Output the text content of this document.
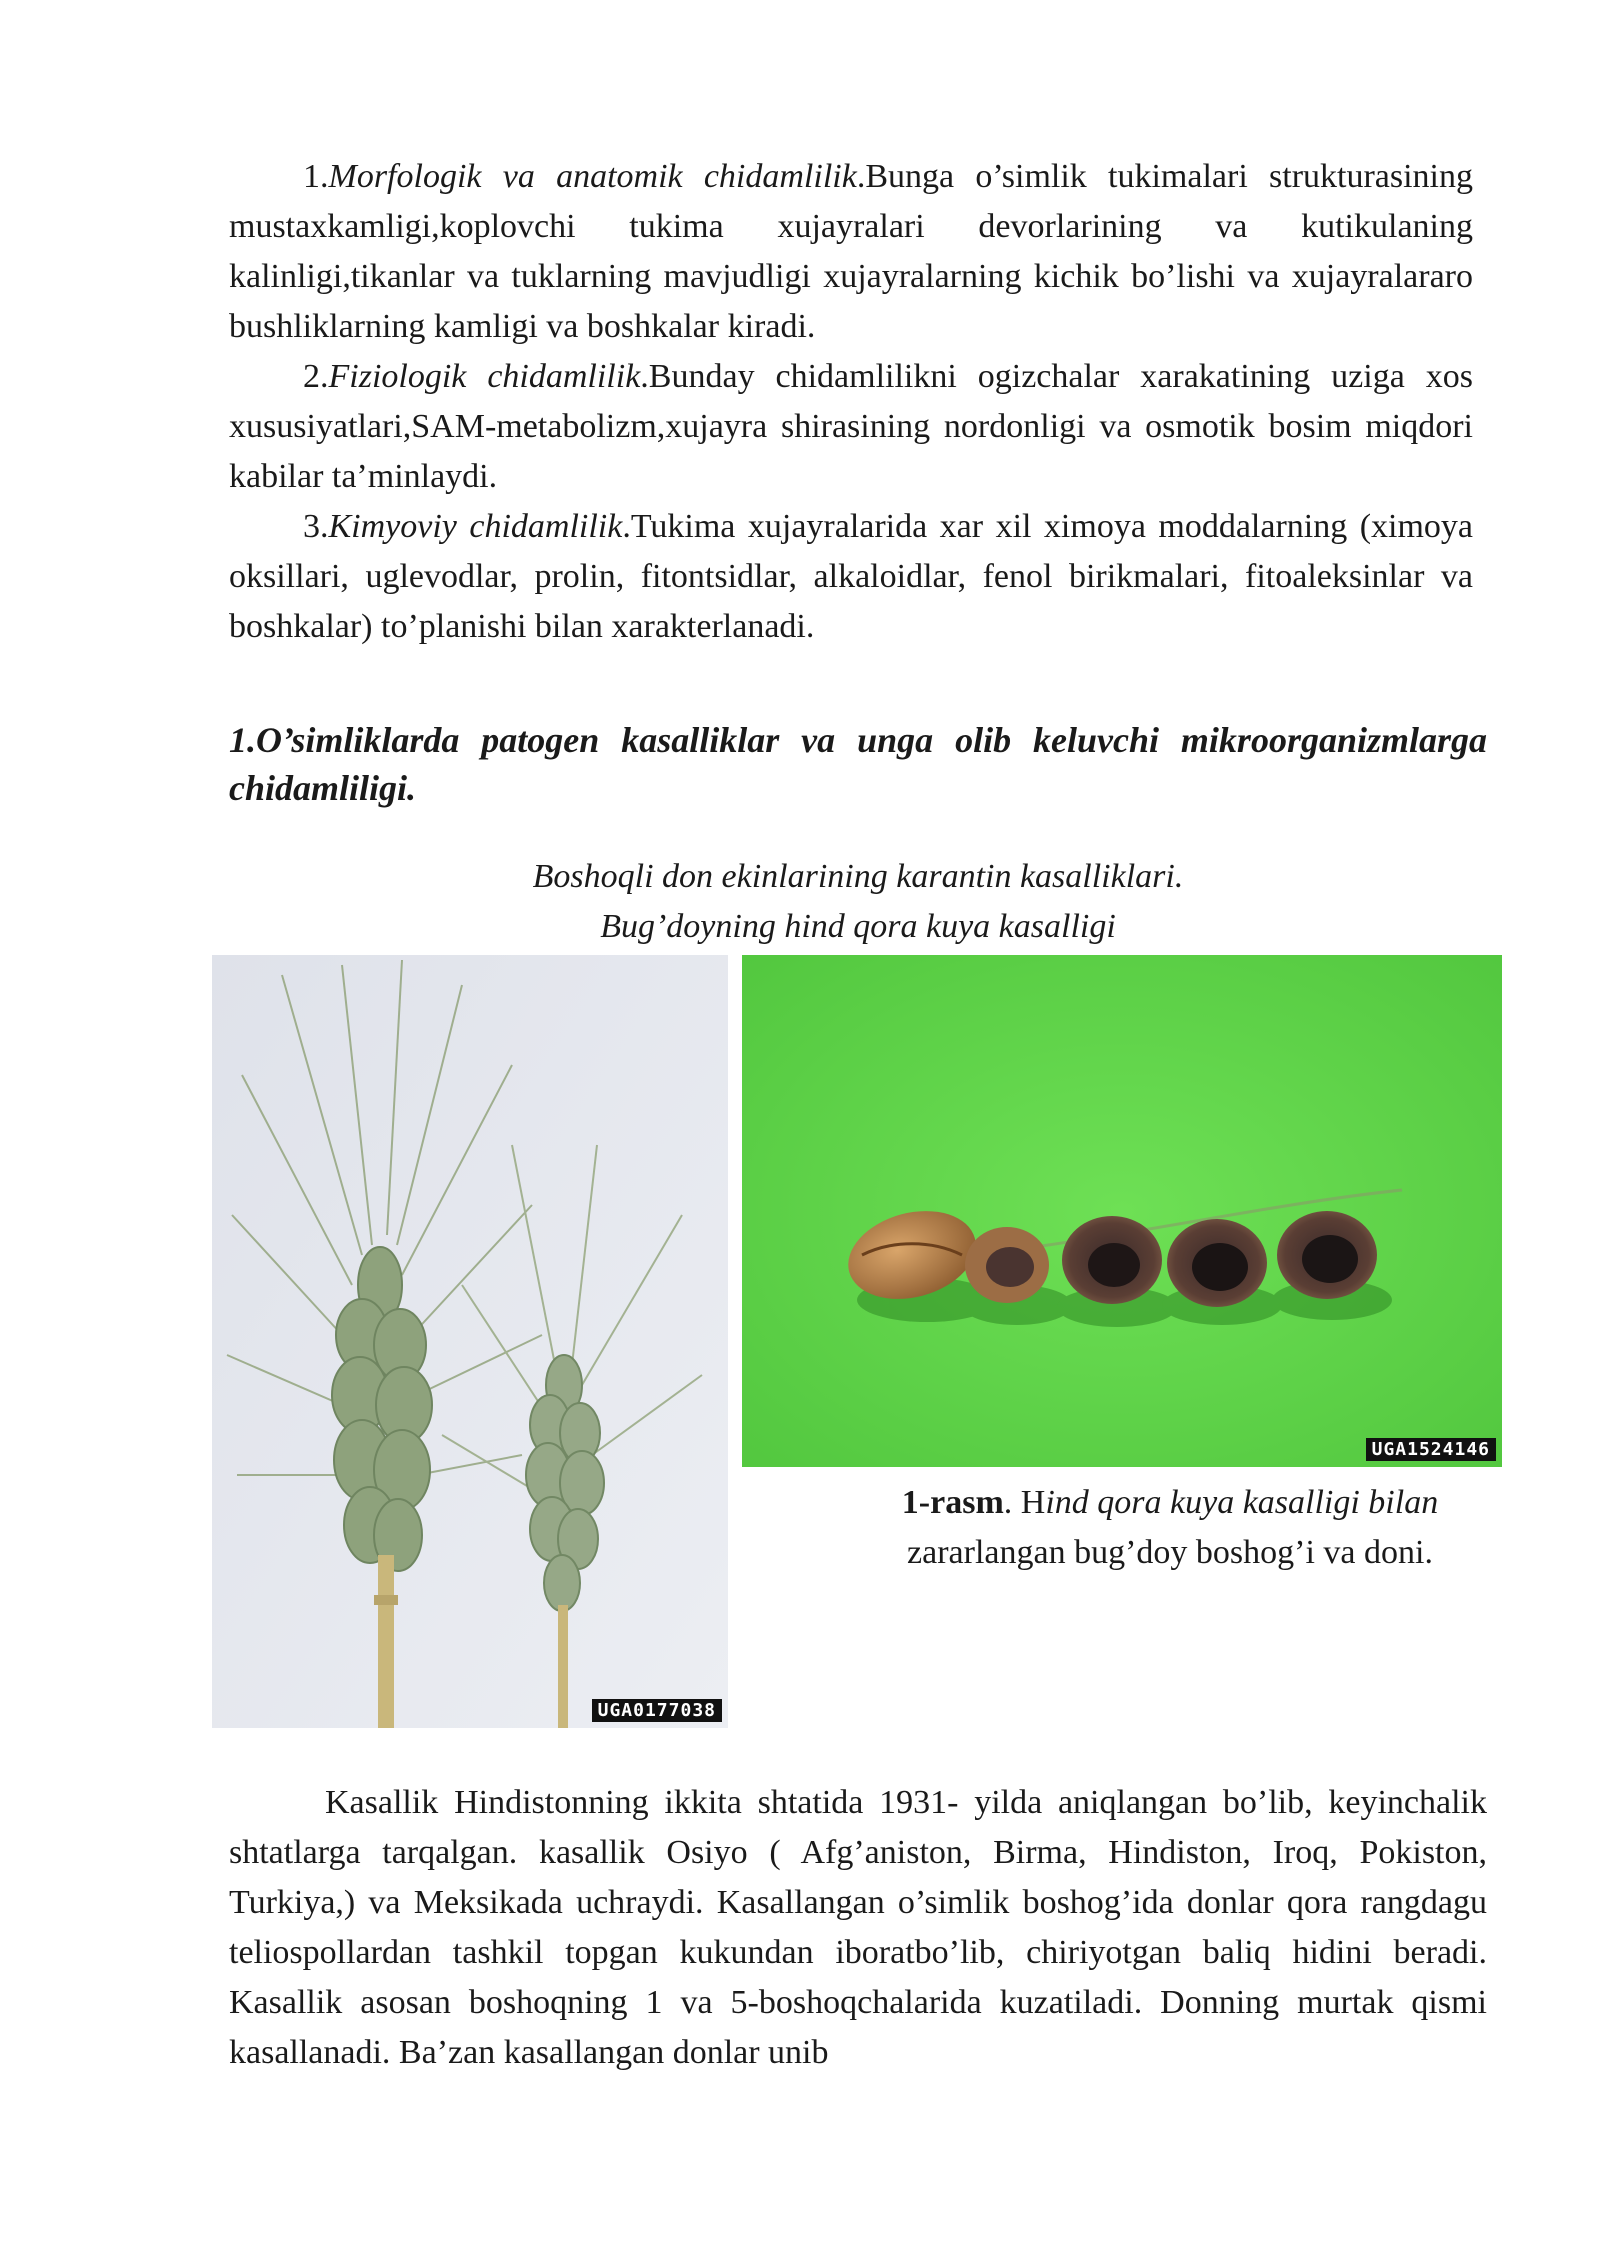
1.Morfologik va anatomik chidamlilik.Bunga o’simlik tukimalari strukturasining mustaxkamligi,koplovchi tukima xujayralari devorlarining va kutikulaning kalinligi,tikanlar va tuklarning mavjudligi xujayralarning kichik bo’lishi va xujayralararo bushliklarning kamligi va boshkalar kiradi.

2.Fiziologik chidamlilik.Bunday chidamlilikni ogizchalar xarakatining uziga xos xususiyatlari,SAM-metabolizm,xujayra shirasining nordonligi va osmotik bosim miqdori kabilar ta’minlaydi.

3.Kimyoviy chidamlilik.Tukima xujayralarida xar xil ximoya moddalarning (ximoya oksillari, uglevodlar, prolin, fitontsidlar, alkaloidlar, fenol birikmalari, fitoaleksinlar va boshkalar) to’planishi bilan xarakterlanadi.

1.O’simliklarda patogen kasalliklar va unga olib keluvchi mikroorganizmlarga chidamliligi.

Boshoqli don ekinlarining karantin kasalliklari.

Bug’doyning hind qora kuya kasalligi

UGA0177038
UGA1524146

1-rasm. Hind qora kuya kasalligi bilan zararlangan bug’doy boshog’i va doni.

Kasallik Hindistonning ikkita shtatida 1931- yilda aniqlangan bo’lib, keyinchalik shtatlarga tarqalgan. kasallik Osiyo ( Afg’aniston, Birma, Hindiston, Iroq, Pokiston, Turkiya,) va Meksikada uchraydi. Kasallangan o’simlik boshog’ida donlar qora rangdagu teliospollardan tashkil topgan kukundan iboratbo’lib, chiriyotgan baliq hidini beradi. Kasallik asosan boshoqning 1 va 5-boshoqchalarida kuzatiladi. Donning murtak qismi kasallanadi. Ba’zan kasallangan donlar unib
